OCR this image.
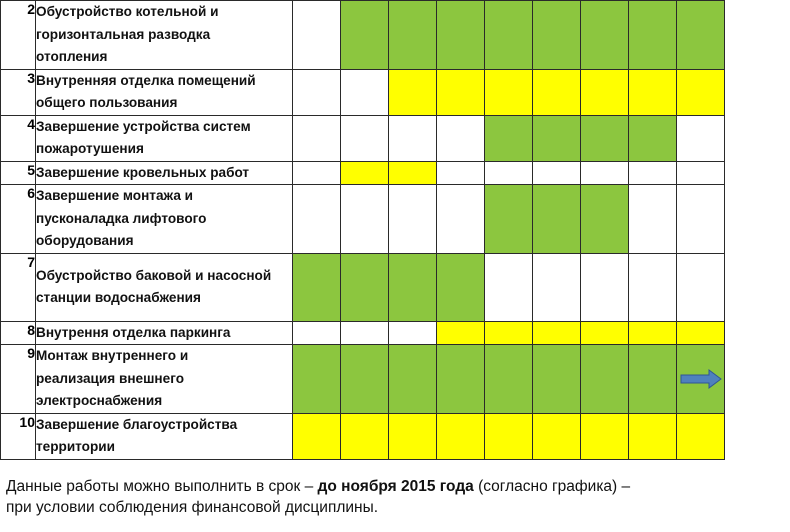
2	Обустройство котельной и
горизонтальная разводка
отопления									
3	Внутренняя отделка помещений
общего пользования									
4	Завершение устройства систем
пожаротушения									
5	Завершение кровельных работ									
6	Завершение монтажа и
пусконаладка лифтового
оборудования									
7	Обустройство баковой и насосной
станции водоснабжения									
8	Внутрення отделка паркинга									
9	Монтаж внутреннего и
реализация внешнего
электроснабжения									

10	Завершение благоустройства
территории									
Данные работы можно выполнить в срок – до ноября 2015 года (согласно графика) –
при условии соблюдения финансовой дисциплины.
